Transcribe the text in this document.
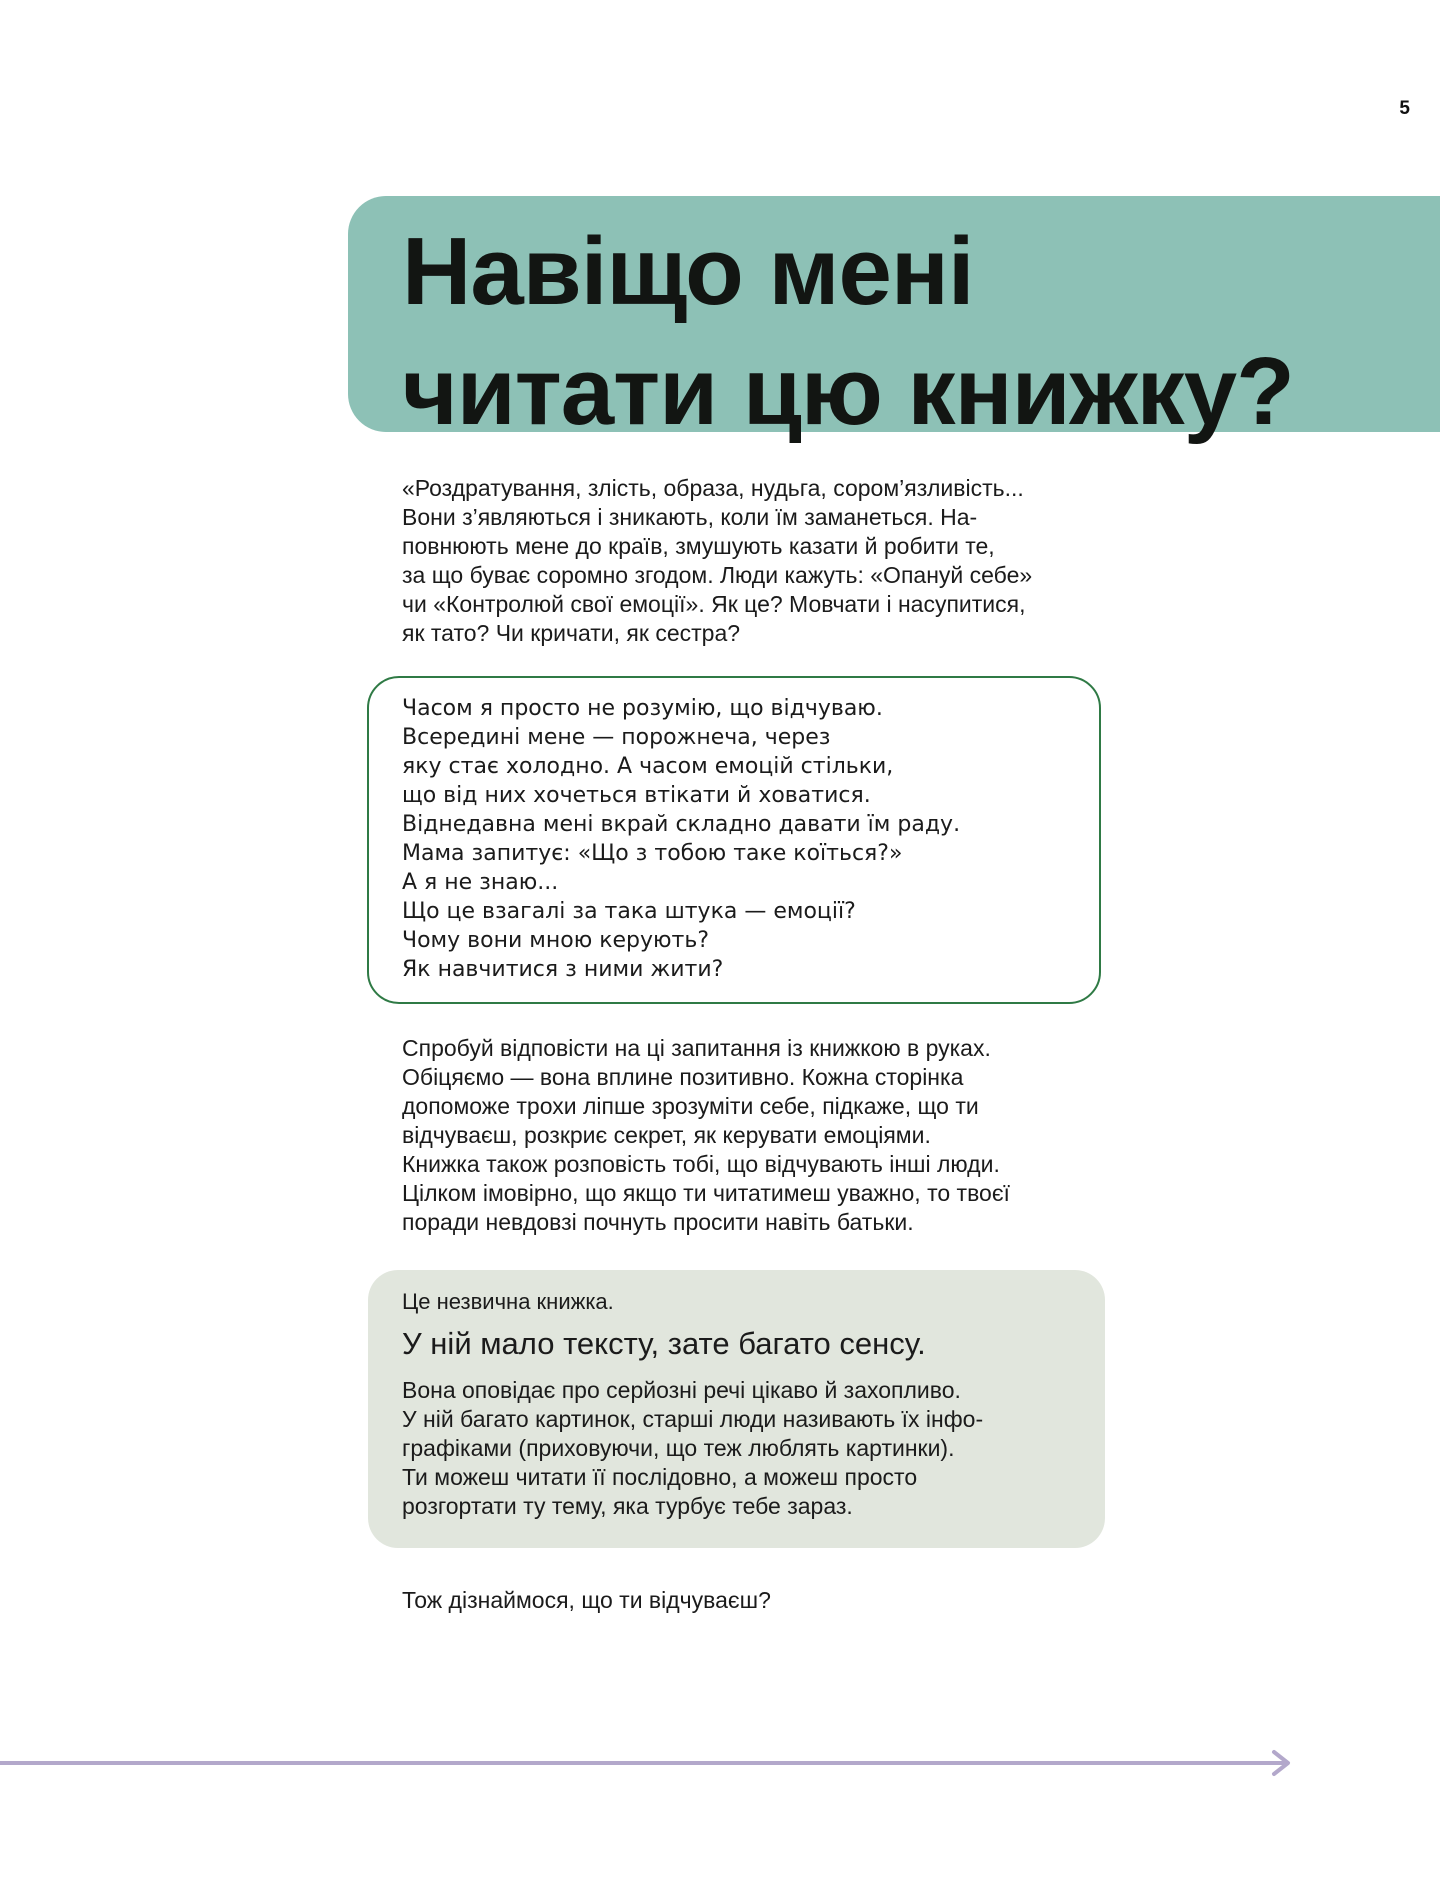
5
Навіщо мені
читати цю книжку?
«Роздратування, злість, образа, нудьга, сором’язливість...
Вони з’являються і зникають, коли їм заманеться. На-
повнюють мене до країв, змушують казати й робити те,
за що буває соромно згодом. Люди кажуть: «Опануй себе»
чи «Контролюй свої емоції». Як це? Мовчати і насупитися,
як тато? Чи кричати, як сестра?
Часом я просто не розумію, що відчуваю.
Всередині мене — порожнеча, через
яку стає холодно. А часом емоцій стільки,
що від них хочеться втікати й ховатися.
Віднедавна мені вкрай складно давати їм раду.
Мама запитує: «Що з тобою таке коїться?»
А я не знаю...
Що це взагалі за така штука — емоції?
Чому вони мною керують?
Як навчитися з ними жити?
Спробуй відповісти на ці запитання із книжкою в руках.
Обіцяємо — вона вплине позитивно. Кожна сторінка
допоможе трохи ліпше зрозуміти себе, підкаже, що ти
відчуваєш, розкриє секрет, як керувати емоціями.
Книжка також розповість тобі, що відчувають інші люди.
Цілком імовірно, що якщо ти читатимеш уважно, то твоєї
поради невдовзі почнуть просити навіть батьки.
Це незвична книжка.
У ній мало тексту, зате багато сенсу.
Вона оповідає про серйозні речі цікаво й захопливо.
У ній багато картинок, старші люди називають їх інфо-
графіками (приховуючи, що теж люблять картинки).
Ти можеш читати її послідовно, а можеш просто
розгортати ту тему, яка турбує тебе зараз.
Тож дізнаймося, що ти відчуваєш?
